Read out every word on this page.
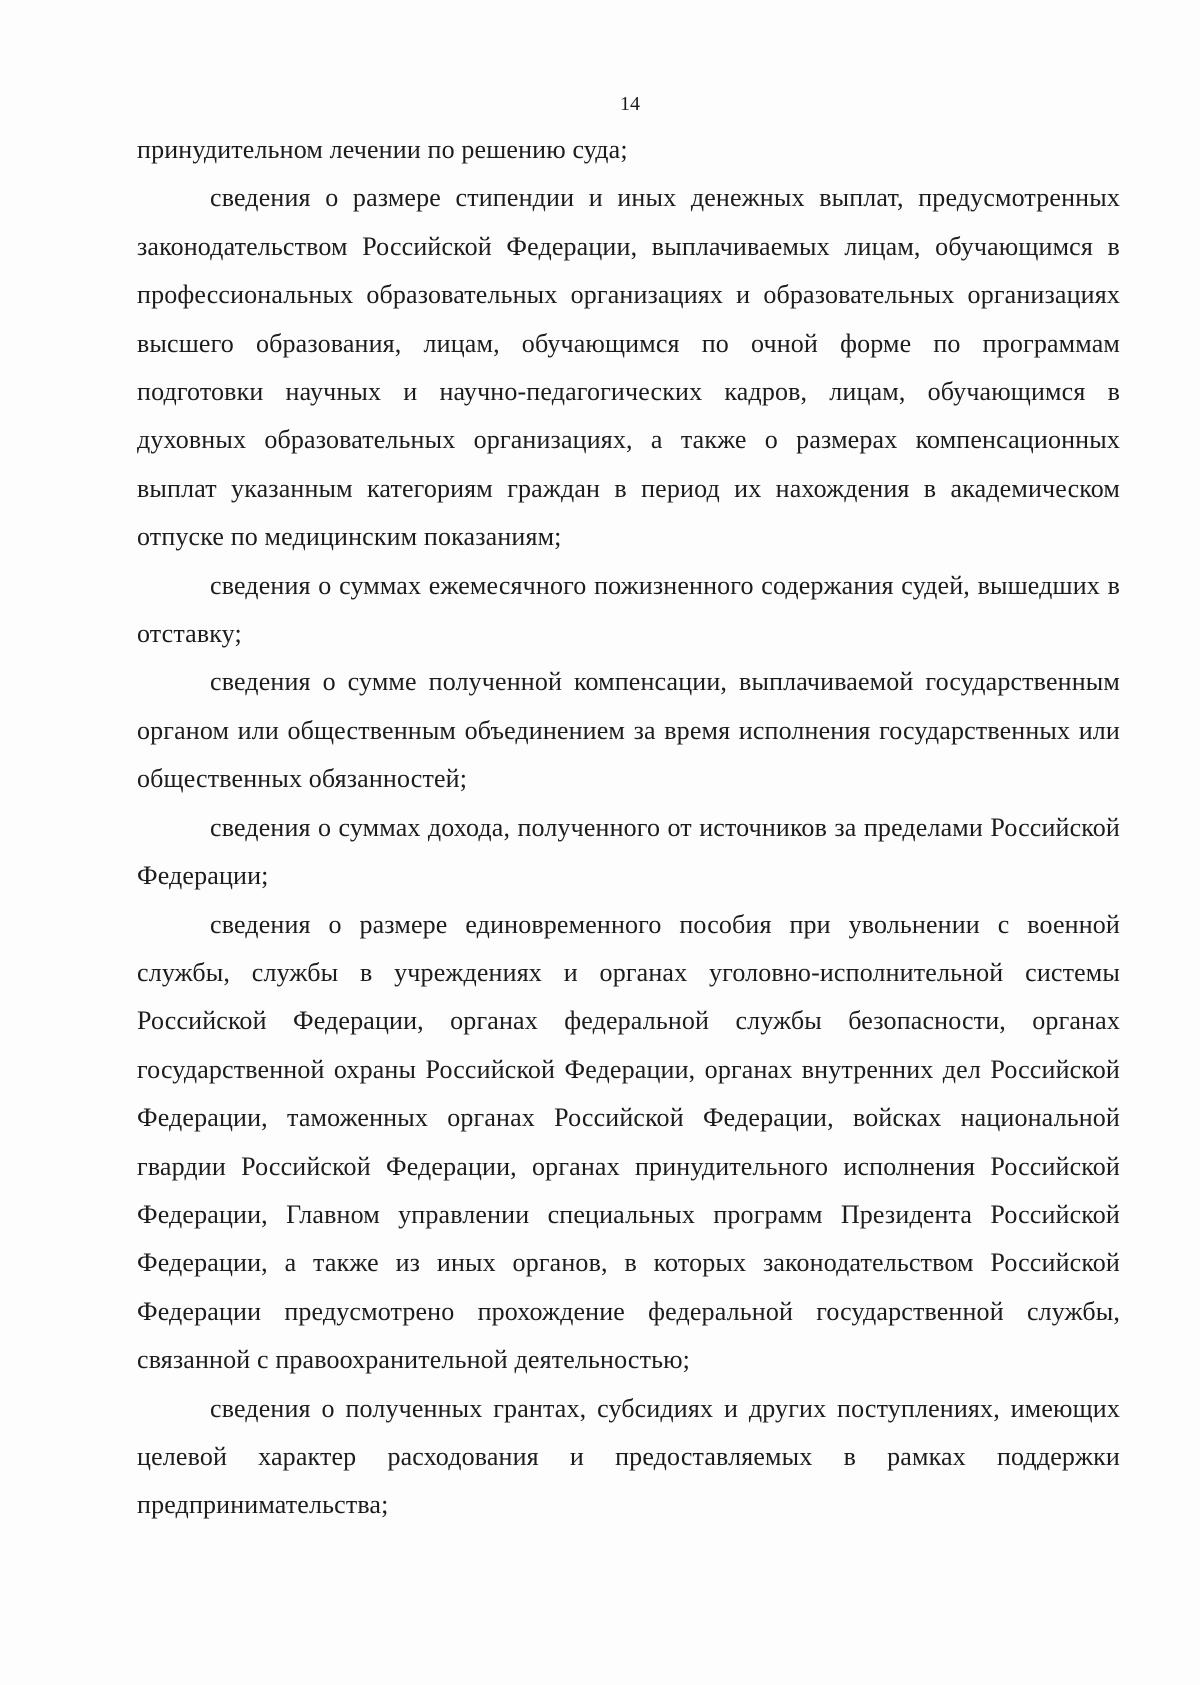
14

принудительном лечении по решению суда;

сведения о размере стипендии и иных денежных выплат, предусмотренных законодательством Российской Федерации, выплачиваемых лицам, обучающимся в профессиональных образовательных организациях и образовательных организациях высшего образования, лицам, обучающимся по очной форме по программам подготовки научных и научно-педагогических кадров, лицам, обучающимся в духовных образовательных организациях, а также о размерах компенсационных выплат указанным категориям граждан в период их нахождения в академическом отпуске по медицинским показаниям;

сведения о суммах ежемесячного пожизненного содержания судей, вышедших в отставку;

сведения о сумме полученной компенсации, выплачиваемой государственным органом или общественным объединением за время исполнения государственных или общественных обязанностей;

сведения о суммах дохода, полученного от источников за пределами Российской Федерации;

сведения о размере единовременного пособия при увольнении с военной службы, службы в учреждениях и органах уголовно-исполнительной системы Российской Федерации, органах федеральной службы безопасности, органах государственной охраны Российской Федерации, органах внутренних дел Российской Федерации, таможенных органах Российской Федерации, войсках национальной гвардии Российской Федерации, органах принудительного исполнения Российской Федерации, Главном управлении специальных программ Президента Российской Федерации, а также из иных органов, в которых законодательством Российской Федерации предусмотрено прохождение федеральной государственной службы, связанной с правоохранительной деятельностью;

сведения о полученных грантах, субсидиях и других поступлениях, имеющих целевой характер расходования и предоставляемых в рамках поддержки предпринимательства;
